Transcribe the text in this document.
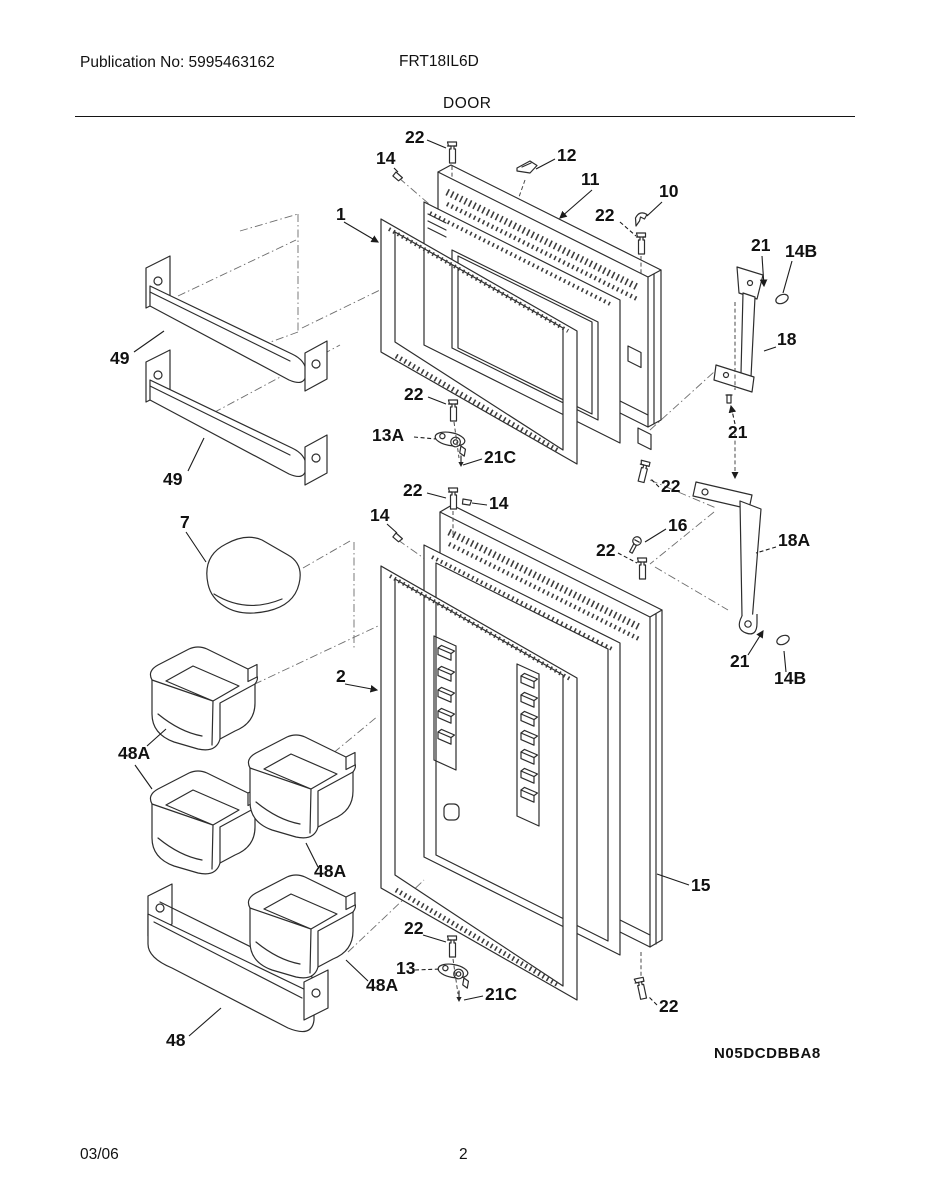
Publication No: 5995463162	FRT18IL6D
DOOR
N05DCDBBA8
22
14	12
11
10
22
21 14B
1
18
49
49
22
13A
21C
21
22
22
14
14	16
22	18A
7
2
48A
48A
21
14B
15
22
13
21C
48A
22
48
03/06	2
